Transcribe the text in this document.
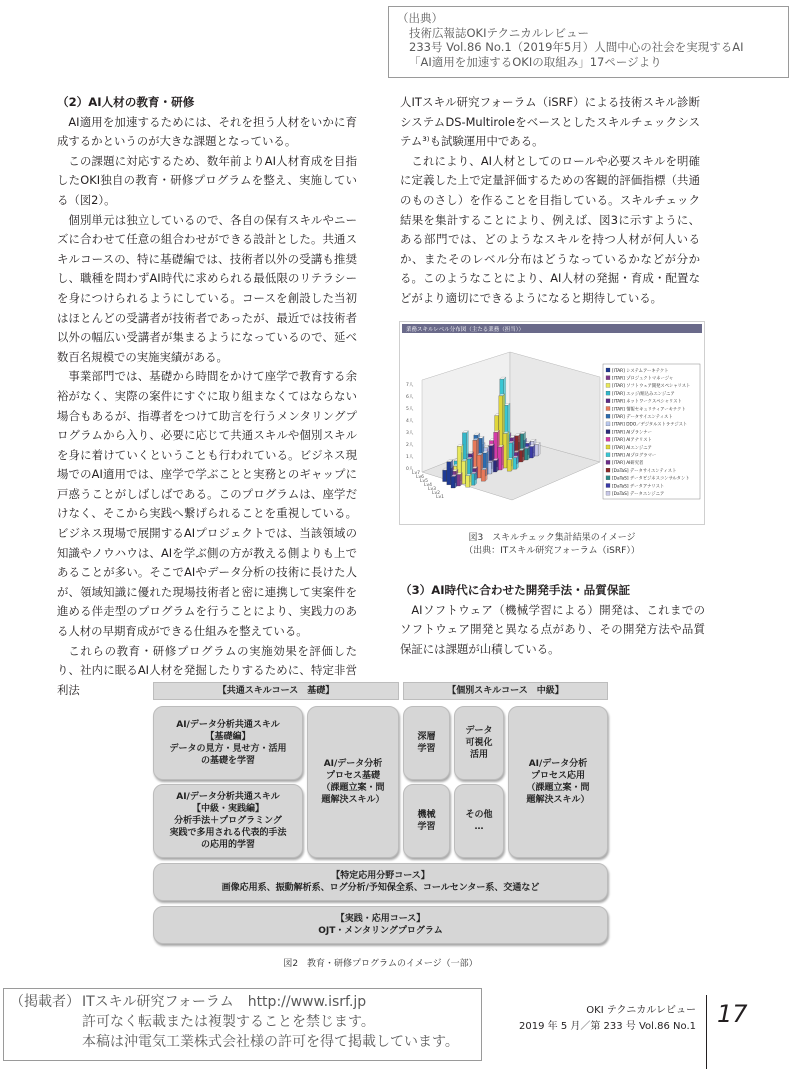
（出典）
技術広報誌OKIテクニカルレビュー
233号 Vol.86 No.1（2019年5月）人間中心の社会を実現するAI
「AI適用を加速するOKIの取組み」17ページより
（2）AI人材の教育・研修

AI適用を加速するためには、それを担う人材をいかに育成するかというのが大きな課題となっている。

この課題に対応するため、数年前よりAI人材育成を目指したOKI独自の教育・研修プログラムを整え、実施している（図2）。

個別単元は独立しているので、各自の保有スキルやニーズに合わせて任意の組合わせができる設計とした。共通スキルコースの、特に基礎編では、技術者以外の受講も推奨し、職種を問わずAI時代に求められる最低限のリテラシーを身につけられるようにしている。コースを創設した当初はほとんどの受講者が技術者であったが、最近では技術者以外の幅広い受講者が集まるようになっているので、延べ数百名規模での実施実績がある。

事業部門では、基礎から時間をかけて座学で教育する余裕がなく、実際の案件にすぐに取り組まなくてはならない場合もあるが、指導者をつけて助言を行うメンタリングプログラムから入り、必要に応じて共通スキルや個別スキルを身に着けていくということも行われている。ビジネス現場でのAI適用では、座学で学ぶことと実務とのギャップに戸惑うことがしばしばである。このプログラムは、座学だけなく、そこから実践へ繋げられることを重視している。ビジネス現場で展開するAIプロジェクトでは、当該領域の知識やノウハウは、AIを学ぶ側の方が教える側よりも上であることが多い。そこでAIやデータ分析の技術に長けた人が、領域知識に優れた現場技術者と密に連携して実案件を進める伴走型のプログラムを行うことにより、実践力のある人材の早期育成ができる仕組みを整えている。

これらの教育・研修プログラムの実施効果を評価したり、社内に眠るAI人材を発掘したりするために、特定非営利法

人ITスキル研究フォーラム（iSRF）による技術スキル診断システムDS-Multiroleをベースとしたスキルチェックシステム³⁾も試験運用中である。

これにより、AI人材としてのロールや必要スキルを明確に定義した上で定量評価するための客観的評価指標（共通のものさし）を作ることを目指している。スキルチェック結果を集計することにより、例えば、図3に示すように、ある部門では、どのようなスキルを持つ人材が何人いるか、またそのレベル分布はどうなっているかなどが分かる。このようなことにより、AI人材の発掘・育成・配置などがより適切にできるようになると期待している。

業務スキルレベル分布図（主たる業務（担当））
7人
6人
5人
4人
3人
2人
1人
0人
Lv7
Lv6
Lv5
Lv4
Lv3
Lv2
Lv1
[ITAR] システムアーキテクト
[ITAR] プロジェクトマネージャ
[ITAR] ソフトウェア開発スペシャリスト
[ITAR] エッジ/組込みエンジニア
[ITAR] ネットワークスペシャリスト
[ITAR] 情報セキュリティアーキテクト
[ITAR] データサイエンティスト
[ITAR] DDO／デジタルストラテジスト
[ITAR] AIプランナー
[ITAR] AIアナリスト
[ITAR] AIエンジニア
[ITAR] AIプログラマー
[ITAR] AI研究者
[DaTaS] データサイエンティスト
[DaTaS] データビジネスコンサルタント
[DaTaS] データアナリスト
[DaTaS] データエンジニア
図3　スキルチェック集計結果のイメージ
（出典：ITスキル研究フォーラム（iSRF））
（3）AI時代に合わせた開発手法・品質保証

AIソフトウェア（機械学習による）開発は、これまでのソフトウェア開発と異なる点があり、その開発方法や品質保証には課題が山積している。

【共通スキルコース　基礎】	【個別スキルコース　中級】
AI/データ分析共通スキル
【基礎編】
データの見方・見せ方・活用
の基礎を学習
AI/データ分析共通スキル
【中級・実践編】
分析手法＋プログラミング
実践で多用される代表的手法
の応用的学習
AI/データ分析
プロセス基礎
（課題立案・問
題解決スキル）
深層
学習
データ
可視化
活用
機械
学習
その他
…
AI/データ分析
プロセス応用
（課題立案・問
題解決スキル）
【特定応用分野コース】
画像応用系、振動解析系、ログ分析/予知保全系、コールセンター系、交通など
【実践・応用コース】
OJT・メンタリングプログラム
図2　教育・研修プログラムのイメージ（一部）
（掲載者） ITスキル研究フォーラム　http://www.isrf.jp
許可なく転載または複製することを禁じます。
本稿は沖電気工業株式会社様の許可を得て掲載しています。
OKI テクニカルレビュー
2019 年 5 月／第 233 号 Vol.86 No.1 17
